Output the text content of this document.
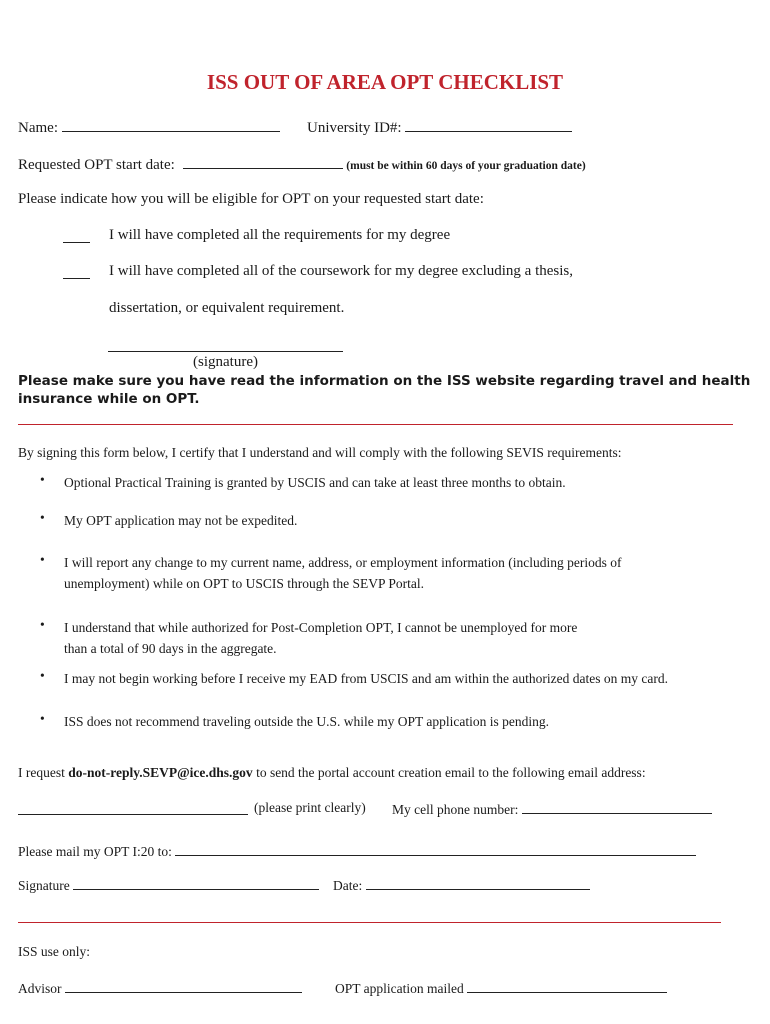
ISS OUT OF AREA OPT CHECKLIST
Name:	University ID#:
Requested OPT start date:	(must be within 60 days of your graduation date)
Please indicate how you will be eligible for OPT on your requested start date:
I will have completed all the requirements for my degree
I will have completed all of the coursework for my degree excluding a thesis,
dissertation, or equivalent requirement.
(signature)
Please make sure you have read the information on the ISS website regarding travel and health
insurance while on OPT.
By signing this form below, I certify that I understand and will comply with the following SEVIS requirements:
• Optional Practical Training is granted by USCIS and can take at least three months to obtain.
• My OPT application may not be expedited.
• I will report any change to my current name, address, or employment information (including periods of
unemployment) while on OPT to USCIS through the SEVP Portal.
• I understand that while authorized for Post-Completion OPT, I cannot be unemployed for more
than a total of 90 days in the aggregate.
• I may not begin working before I receive my EAD from USCIS and am within the authorized dates on my card.
• ISS does not recommend traveling outside the U.S. while my OPT application is pending.
I request do-not-reply.SEVP@ice.dhs.gov to send the portal account creation email to the following email address:
(please print clearly) My cell phone number:
Please mail my OPT I:20 to:
Signature	Date:
ISS use only:
Advisor	OPT application mailed
